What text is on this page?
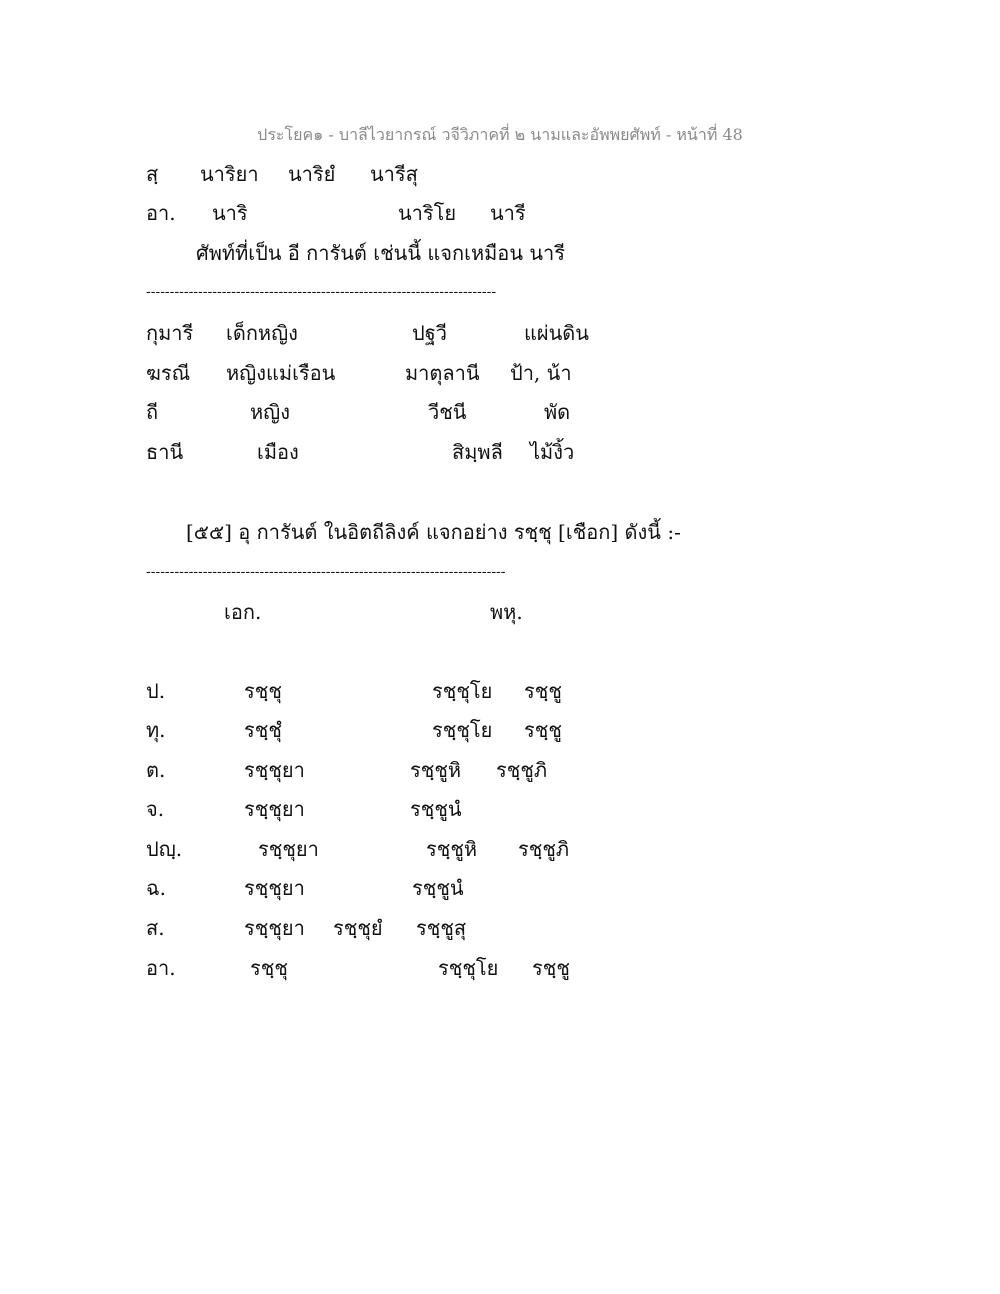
ประโยค๑ - บาลีไวยากรณ์ วจีวิภาคที่ ๒ นามและอัพพยศัพท์ - หน้าที่ 48
สฺ นาริยา นาริยํ นารีสุ
อา. นาริ	นาริโย นารี
ศัพท์ที่เป็น อี การันต์ เช่นนี้ แจกเหมือน นารี
--------------------------------------------------------------------------
กุมารี เด็กหญิง	ปฐวี	แผ่นดิน
ฆรณี หญิงแม่เรือน	มาตุลานี ป้า, น้า
ถี	หญิง	วีชนี	พัด
ธานี	เมือง	สิมฺพลี ไม้งิ้ว
[๕๕] อุ การันต์ ในอิตถีลิงค์ แจกอย่าง รชฺชุ [เชือก] ดังนี้ :-
----------------------------------------------------------------------------
เอก.	พหุ.
ป.	รชฺชุ	รชฺชุโย รชฺชู
ทุ.	รชฺชุํ	รชฺชุโย รชฺชู
ต.	รชฺชุยา	รชฺชูหิ รชฺชูภิ
จ.	รชฺชุยา	รชฺชูนํ
ปญฺ.	รชฺชุยา	รชฺชูหิ รชฺชูภิ
ฉ.	รชฺชุยา	รชฺชูนํ
ส.	รชฺชุยา รชฺชุยํ รชฺชูสุ
อา.	รชฺชุ	รชฺชุโย รชฺชู
